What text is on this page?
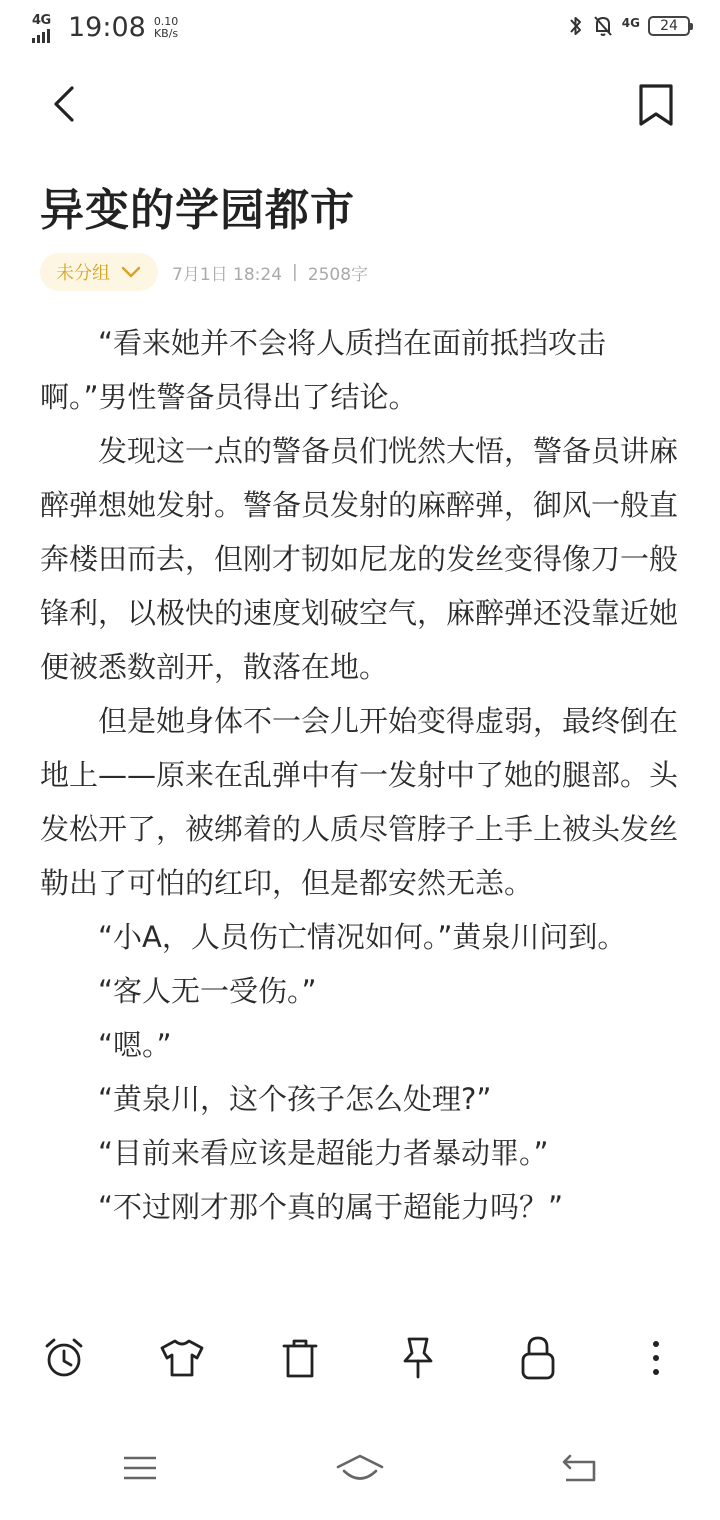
4G 19:08 0.10
KB/s
4G 24
异变的学园都市
未分组	7月1日 18:24 | 2508字

　　“看来她并不会将人质挡在面前抵挡攻击啊。”男性警备员得出了结论。

　　发现这一点的警备员们恍然大悟，警备员讲麻醉弹想她发射。警备员发射的麻醉弹，御风一般直奔楼田而去，但刚才韧如尼龙的发丝变得像刀一般锋利，以极快的速度划破空气，麻醉弹还没靠近她便被悉数剖开，散落在地。

　　但是她身体不一会儿开始变得虚弱，最终倒在地上——原来在乱弹中有一发射中了她的腿部。头发松开了，被绑着的人质尽管脖子上手上被头发丝勒出了可怕的红印，但是都安然无恙。

　　“小A，人员伤亡情况如何。”黄泉川问到。

　　“客人无一受伤。”

　　“嗯。”

　　“黄泉川，这个孩子怎么处理?”

　　“目前来看应该是超能力者暴动罪。”

　　“不过刚才那个真的属于超能力吗？”
